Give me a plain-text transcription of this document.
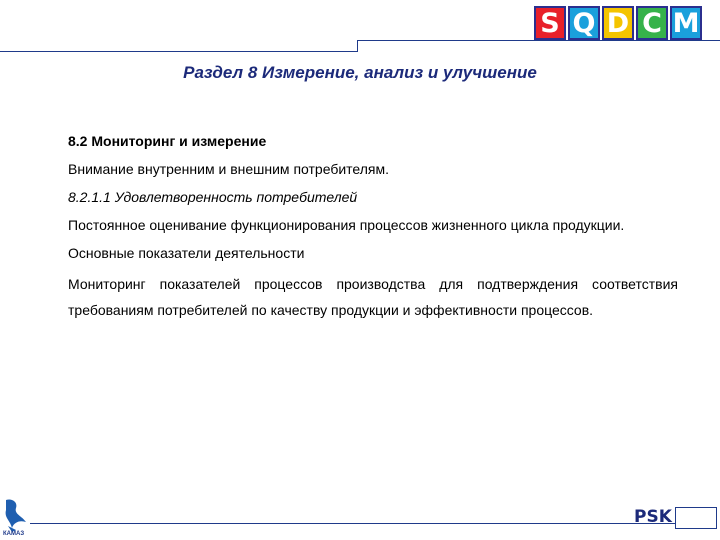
S Q D C M
Раздел 8 Измерение, анализ и улучшение

8.2 Мониторинг и измерение

Внимание внутренним и внешним потребителям.

8.2.1.1 Удовлетворенность потребителей

Постоянное оценивание функционирования процессов жизненного цикла продукции.

Основные показатели деятельности

Мониторинг показателей процессов производства для подтверждения соответствия требованиям потребителей по качеству продукции и эффективности процессов.

КАМАЗ
PSK
